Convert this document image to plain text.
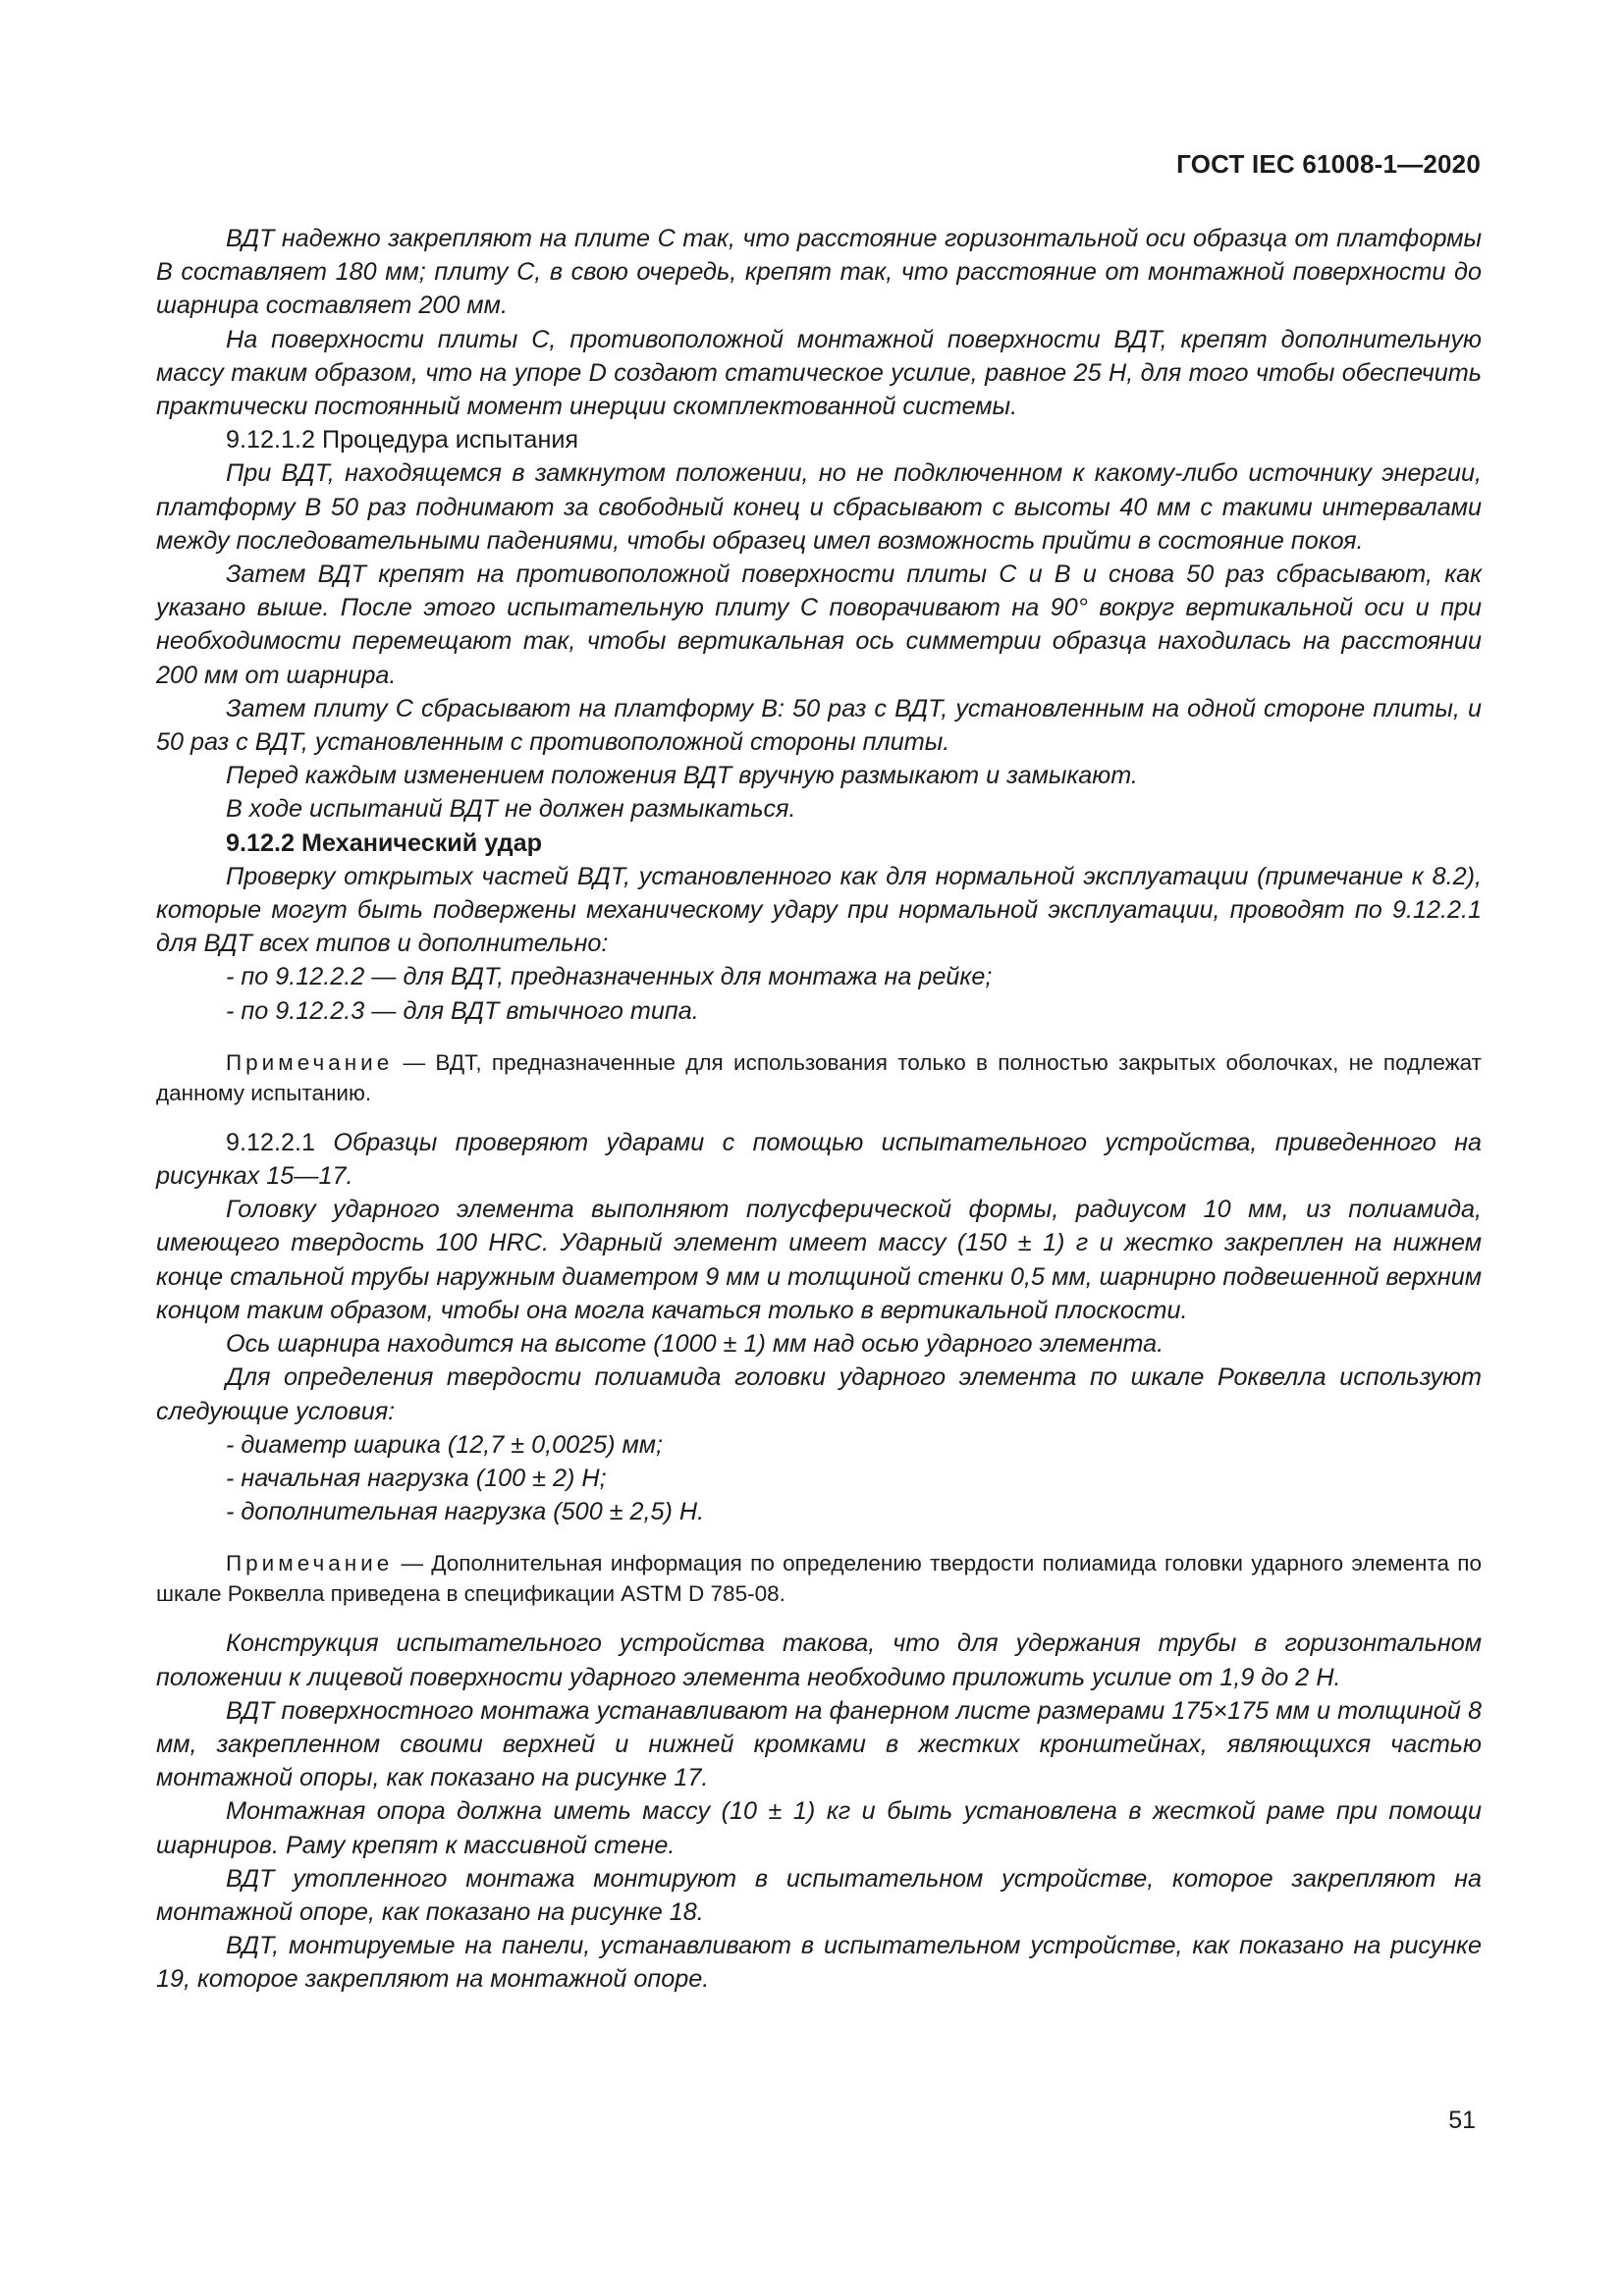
ГОСТ IEC 61008-1—2020

ВДТ надежно закрепляют на плите С так, что расстояние горизонтальной оси образца от платформы В составляет 180 мм; плиту С, в свою очередь, крепят так, что расстояние от монтажной поверхности до шарнира составляет 200 мм.

На поверхности плиты С, противоположной монтажной поверхности ВДТ, крепят дополнительную массу таким образом, что на упоре D создают статическое усилие, равное 25 Н, для того чтобы обеспечить практически постоянный момент инерции скомплектованной системы.

9.12.1.2 Процедура испытания

При ВДТ, находящемся в замкнутом положении, но не подключенном к какому-либо источнику энергии, платформу В 50 раз поднимают за свободный конец и сбрасывают с высоты 40 мм с такими интервалами между последовательными падениями, чтобы образец имел возможность прийти в состояние покоя.

Затем ВДТ крепят на противоположной поверхности плиты С и В и снова 50 раз сбрасывают, как указано выше. После этого испытательную плиту С поворачивают на 90° вокруг вертикальной оси и при необходимости перемещают так, чтобы вертикальная ось симметрии образца находилась на расстоянии 200 мм от шарнира.

Затем плиту С сбрасывают на платформу В: 50 раз с ВДТ, установленным на одной стороне плиты, и 50 раз с ВДТ, установленным с противоположной стороны плиты.

Перед каждым изменением положения ВДТ вручную размыкают и замыкают.

В ходе испытаний ВДТ не должен размыкаться.

9.12.2 Механический удар

Проверку открытых частей ВДТ, установленного как для нормальной эксплуатации (примечание к 8.2), которые могут быть подвержены механическому удару при нормальной эксплуатации, проводят по 9.12.2.1 для ВДТ всех типов и дополнительно:

- по 9.12.2.2 — для ВДТ, предназначенных для монтажа на рейке;

- по 9.12.2.3 — для ВДТ втычного типа.

Примечание — ВДТ, предназначенные для использования только в полностью закрытых оболочках, не подлежат данному испытанию.

9.12.2.1 Образцы проверяют ударами с помощью испытательного устройства, приведенного на рисунках 15—17.

Головку ударного элемента выполняют полусферической формы, радиусом 10 мм, из полиамида, имеющего твердость 100 HRC. Ударный элемент имеет массу (150 ± 1) г и жестко закреплен на нижнем конце стальной трубы наружным диаметром 9 мм и толщиной стенки 0,5 мм, шарнирно подвешенной верхним концом таким образом, чтобы она могла качаться только в вертикальной плоскости.

Ось шарнира находится на высоте (1000 ± 1) мм над осью ударного элемента.

Для определения твердости полиамида головки ударного элемента по шкале Роквелла используют следующие условия:

- диаметр шарика (12,7 ± 0,0025) мм;

- начальная нагрузка (100 ± 2) Н;

- дополнительная нагрузка (500 ± 2,5) Н.

Примечание — Дополнительная информация по определению твердости полиамида головки ударного элемента по шкале Роквелла приведена в спецификации ASTM D 785-08.

Конструкция испытательного устройства такова, что для удержания трубы в горизонтальном положении к лицевой поверхности ударного элемента необходимо приложить усилие от 1,9 до 2 Н.

ВДТ поверхностного монтажа устанавливают на фанерном листе размерами 175×175 мм и толщиной 8 мм, закрепленном своими верхней и нижней кромками в жестких кронштейнах, являющихся частью монтажной опоры, как показано на рисунке 17.

Монтажная опора должна иметь массу (10 ± 1) кг и быть установлена в жесткой раме при помощи шарниров. Раму крепят к массивной стене.

ВДТ утопленного монтажа монтируют в испытательном устройстве, которое закрепляют на монтажной опоре, как показано на рисунке 18.

ВДТ, монтируемые на панели, устанавливают в испытательном устройстве, как показано на рисунке 19, которое закрепляют на монтажной опоре.

51
